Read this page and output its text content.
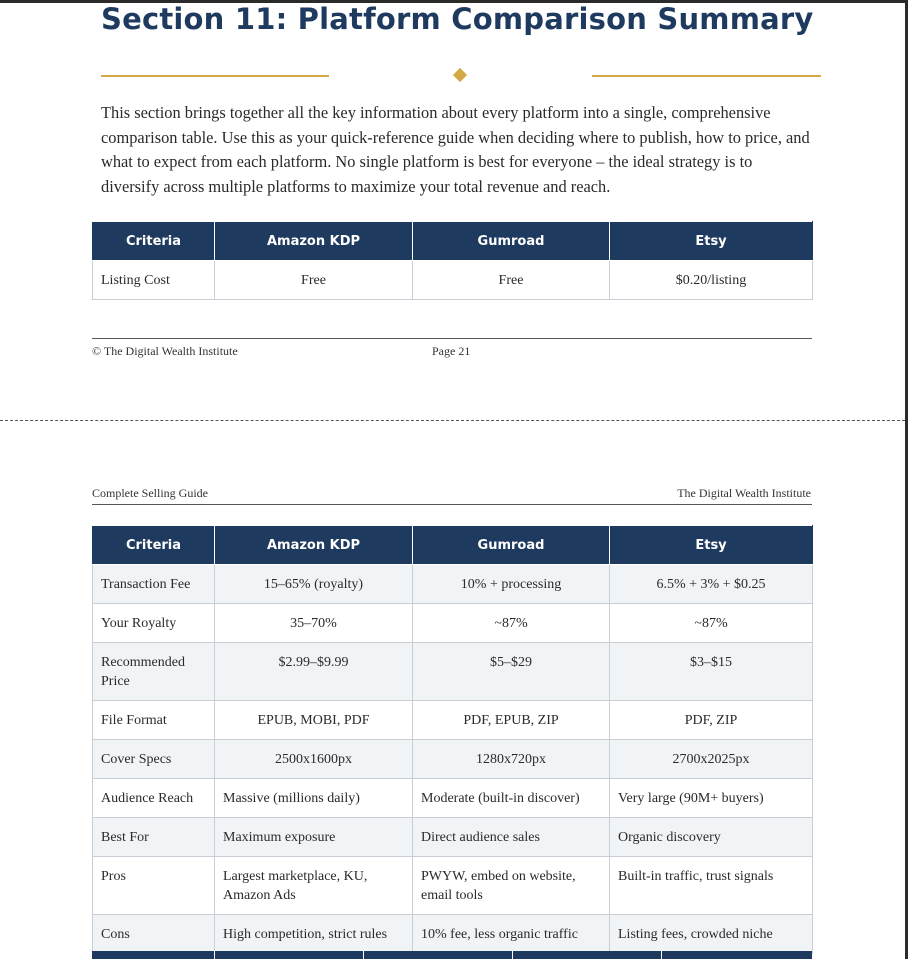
Section 11: Platform Comparison Summary

This section brings together all the key information about every platform into a single, comprehensive comparison table. Use this as your quick-reference guide when deciding where to publish, how to price, and what to expect from each platform. No single platform is best for everyone – the ideal strategy is to diversify across multiple platforms to maximize your total revenue and reach.

Criteria	Amazon KDP	Gumroad	Etsy
Listing Cost	Free	Free	$0.20/listing
© The Digital Wealth Institute	Page 21
Complete Selling Guide	The Digital Wealth Institute
Criteria	Amazon KDP	Gumroad	Etsy
Transaction Fee	15–65% (royalty)	10% + processing	6.5% + 3% + $0.25
Your Royalty	35–70%	~87%	~87%
Recommended Price	$2.99–$9.99	$5–$29	$3–$15
File Format	EPUB, MOBI, PDF	PDF, EPUB, ZIP	PDF, ZIP
Cover Specs	2500x1600px	1280x720px	2700x2025px
Audience Reach	Massive (millions daily)	Moderate (built-in discover)	Very large (90M+ buyers)
Best For	Maximum exposure	Direct audience sales	Organic discovery
Pros	Largest marketplace, KU, Amazon Ads	PWYW, embed on website, email tools	Built-in traffic, trust signals
Cons	High competition, strict rules	10% fee, less organic traffic	Listing fees, crowded niche
